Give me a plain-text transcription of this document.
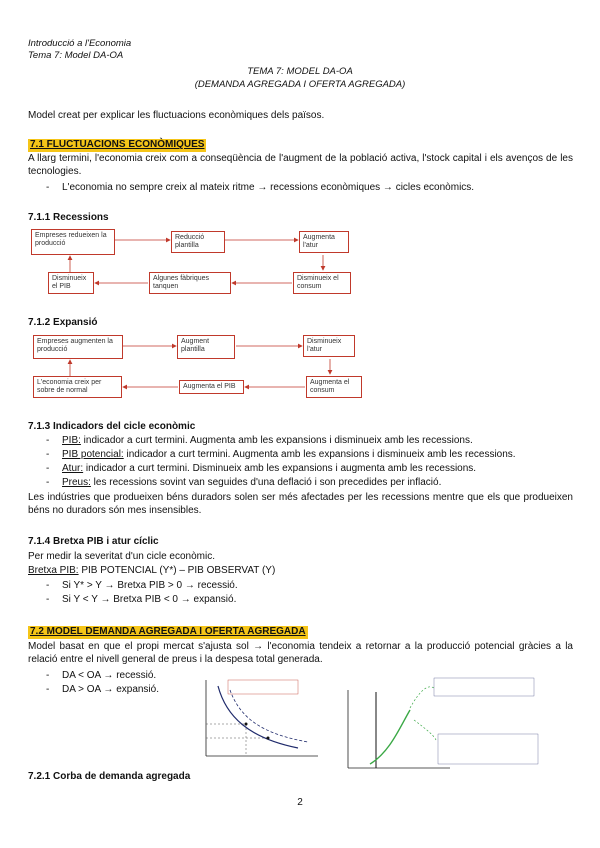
Introducció a l'Economia
Tema 7: Model DA-OA
TEMA 7: MODEL DA-OA
(DEMANDA AGREGADA I OFERTA AGREGADA)
Model creat per explicar les fluctuacions econòmiques dels països.
7.1 FLUCTUACIONS ECONÒMIQUES
A llarg termini, l'economia creix com a conseqüència de l'augment de la població activa, l'stock capital i els avenços de les tecnologies.
- L'economia no sempre creix al mateix ritme → recessions econòmiques → cicles econòmics.
7.1.1 Recessions
Empreses redueixen la producció
Reducció plantilla
Augmenta l'atur
Disminueix el consum
Algunes fàbriques tanquen
Disminueix el PIB
7.1.2 Expansió
Empreses augmenten la producció
Augment plantilla
Disminueix l'atur
Augmenta el consum
Augmenta el PIB
L'economia creix per sobre de normal
7.1.3 Indicadors del cicle econòmic
- PIB: indicador a curt termini. Augmenta amb les expansions i disminueix amb les recessions.
- PIB potencial: indicador a curt termini. Augmenta amb les expansions i disminueix amb les recessions.
- Atur: indicador a curt termini. Disminueix amb les expansions i augmenta amb les recessions.
- Preus: les recessions sovint van seguides d'una deflació i son precedides per inflació.
Les indústries que produeixen béns duradors solen ser més afectades per les recessions mentre que els que produeixen béns no duradors són mes insensibles.
7.1.4 Bretxa PIB i atur cíclic
Per medir la severitat d'un cicle econòmic.
Bretxa PIB: PIB POTENCIAL (Y*) – PIB OBSERVAT (Y)
- Si Y* > Y → Bretxa PIB > 0 → recessió.
- Si Y < Y → Bretxa PIB < 0 → expansió.
7.2 MODEL DEMANDA AGREGADA I OFERTA AGREGADA
Model basat en que el propi mercat s'ajusta sol → l'economia tendeix a retornar a la producció potencial gràcies a la relació entre el nivell general de preus i la despesa total generada.
- DA < OA → recessió.
- DA > OA → expansió.
7.2.1 Corba de demanda agregada
2
